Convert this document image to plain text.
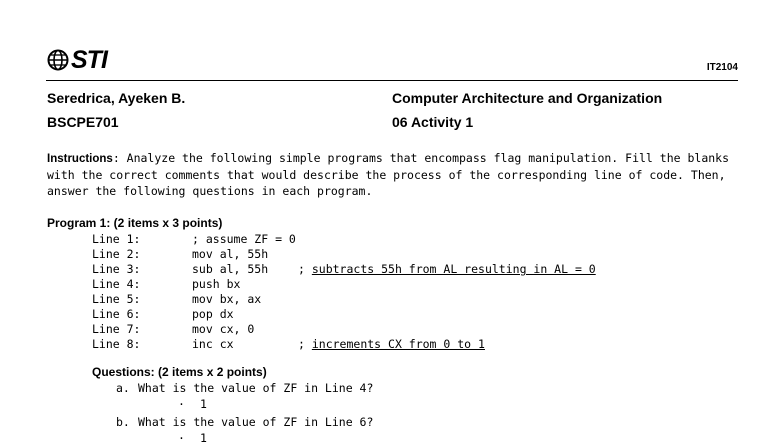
STI	IT2104
Seredrica, Ayeken B.
BSCPE701
Computer Architecture and Organization
06 Activity 1
Instructions: Analyze the following simple programs that encompass flag manipulation. Fill the blanks with the correct comments that would describe the process of the corresponding line of code. Then, answer the following questions in each program.
Program 1: (2 items x 3 points)
Line 1:	; assume ZF = 0
Line 2:	mov al, 55h
Line 3:	sub al, 55h	; subtracts 55h from AL resulting in AL = 0
Line 4:	push bx
Line 5:	mov bx, ax
Line 6:	pop dx
Line 7:	mov cx, 0
Line 8:	inc cx	; increments CX from 0 to 1
Questions: (2 items x 2 points)
a. What is the value of ZF in Line 4?
· 1
b. What is the value of ZF in Line 6?
· 1
